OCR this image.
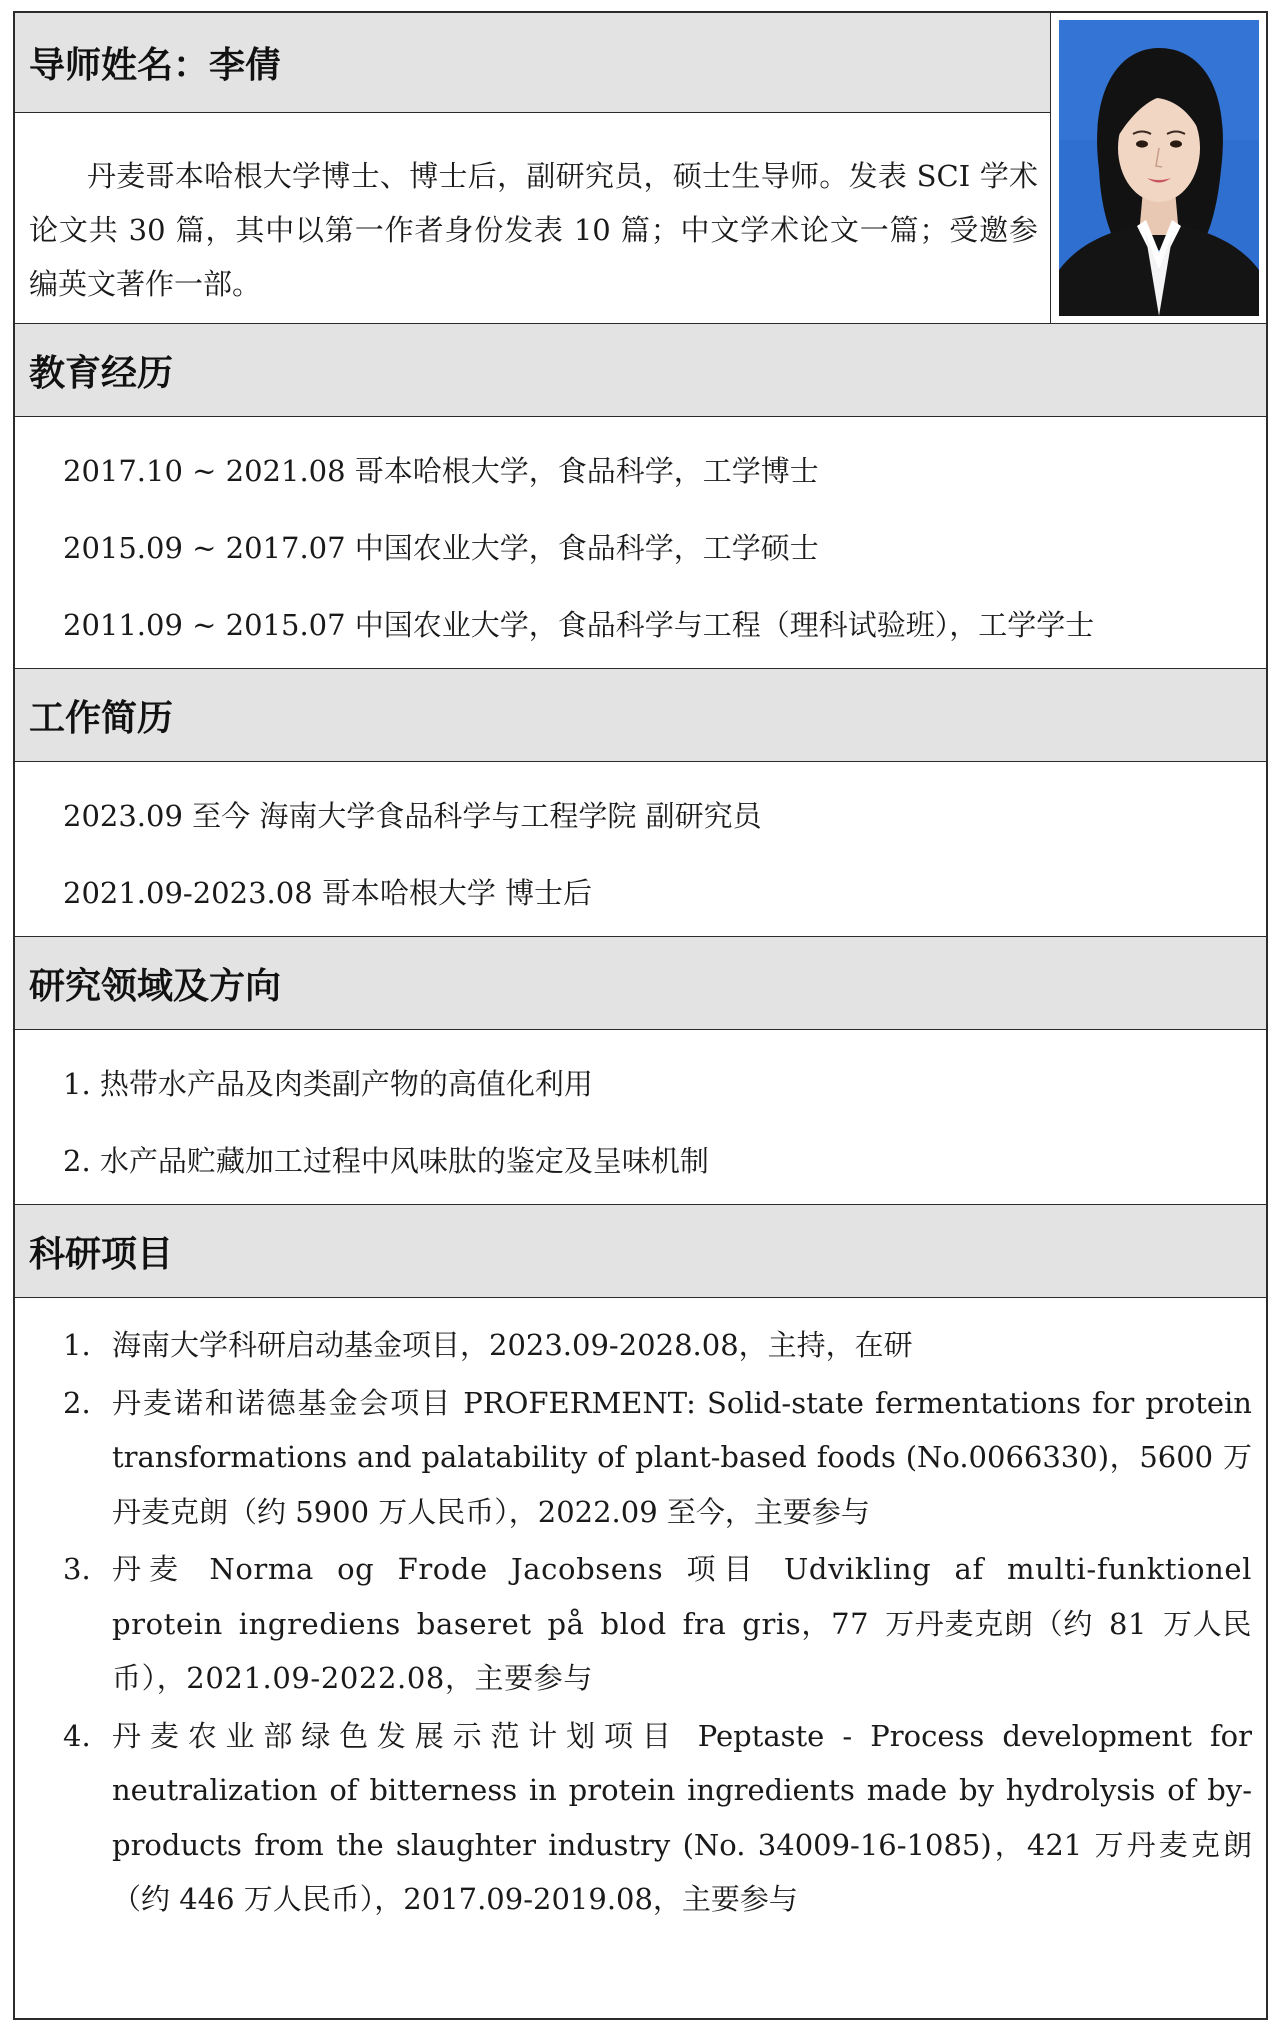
导师姓名：李倩

丹麦哥本哈根大学博士、博士后，副研究员，硕士生导师。发表 SCI 学术论文共 30 篇，其中以第一作者身份发表 10 篇；中文学术论文一篇；受邀参编英文著作一部。

教育经历
2017.10 ~ 2021.08 哥本哈根大学，食品科学，工学博士
2015.09 ~ 2017.07 中国农业大学，食品科学，工学硕士
2011.09 ~ 2015.07 中国农业大学，食品科学与工程（理科试验班），工学学士
工作简历
2023.09 至今 海南大学食品科学与工程学院 副研究员
2021.09-2023.08 哥本哈根大学 博士后
研究领域及方向
1. 热带水产品及肉类副产物的高值化利用
2. 水产品贮藏加工过程中风味肽的鉴定及呈味机制
科研项目
1. 海南大学科研启动基金项目，2023.09-2028.08，主持，在研
2. 丹麦诺和诺德基金会项目 PROFERMENT: Solid-state fermentations for protein transformations and palatability of plant-based foods (No.0066330)，5600 万丹麦克朗（约 5900 万人民币），2022.09 至今，主要参与
3. 丹麦 Norma og Frode Jacobsens 项目 Udvikling af multi-funktionel protein ingrediens baseret på blod fra gris，77 万丹麦克朗（约 81 万人民币），2021.09-2022.08，主要参与
4. 丹麦农业部绿色发展示范计划项目 Peptaste - Process development for neutralization of bitterness in protein ingredients made by hydrolysis of by-products from the slaughter industry (No. 34009-16-1085)，421 万丹麦克朗（约 446 万人民币），2017.09-2019.08，主要参与
